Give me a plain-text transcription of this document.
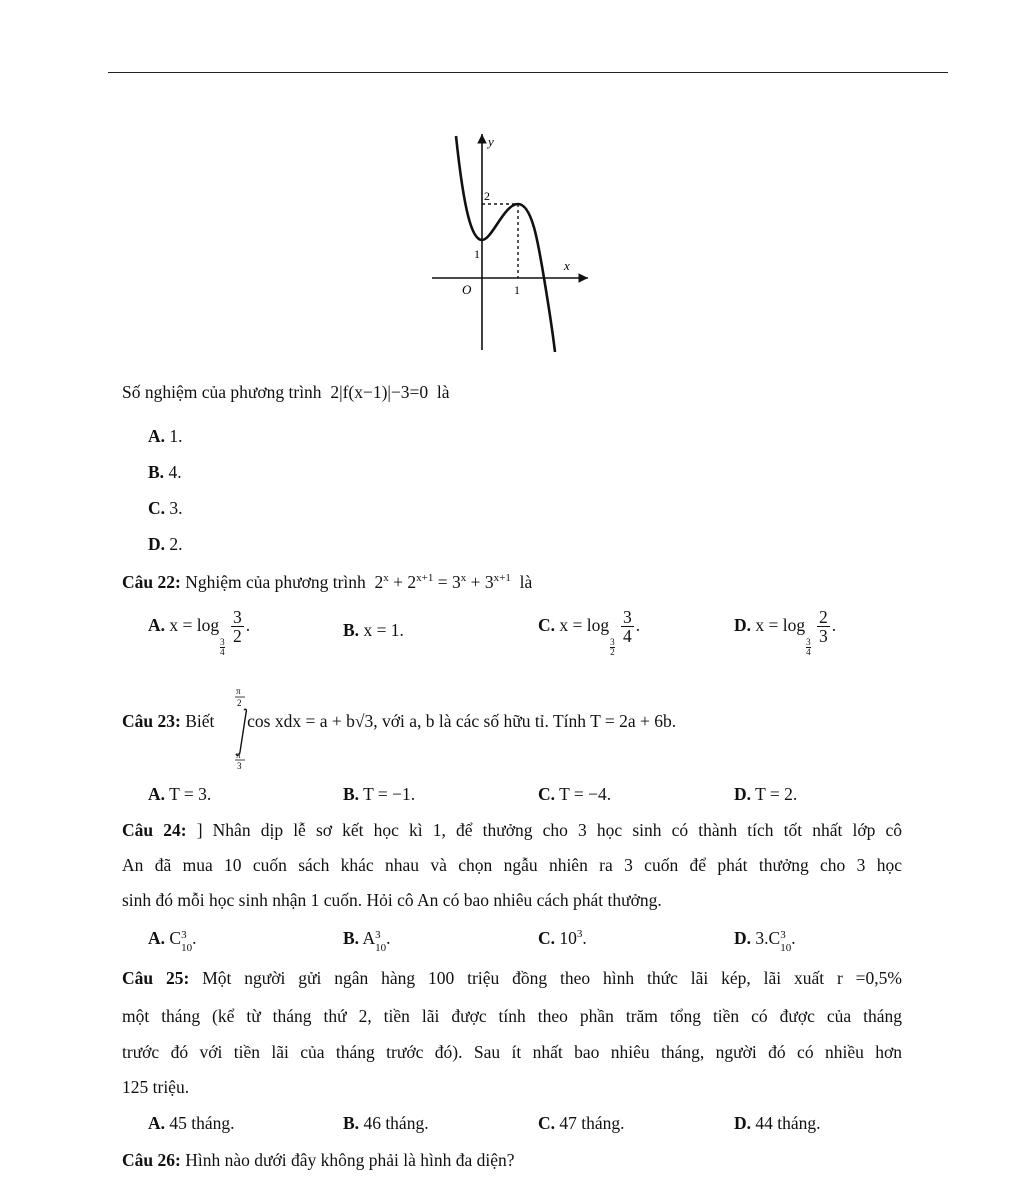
y
x
O	1
2
1
Số nghiệm của phương trình 2|f(x−1)|−3=0 là
A. 1.
B. 4.
C. 3.
D. 2.
Câu 22: Nghiệm của phương trình $2^x + 2^{x+1} = 3^x + 3^{x+1}$ là
A. x = log
$\frac{3}{4}$

$\frac{3}{2}$ .	B. x = 1.	C. x = log
$\frac{3}{2}$

$\frac{3}{4}$ .	D. x = log
$\frac{3}{4}$

$\frac{2}{3}$ .
Câu 23: Biết cos xdx = a + b√3, với a, b là các số hữu tỉ. Tính T = 2a + 6b.
π
2
π
3
A. T = 3.	B. T = −1.	C. T = −4.	D. T = 2.
Câu 24: ] Nhân dịp lễ sơ kết học kì 1, để thưởng cho 3 học sinh có thành tích tốt nhất lớp cô
An đã mua 10 cuốn sách khác nhau và chọn ngẫu nhiên ra 3 cuốn để phát thưởng cho 3 học
sinh đó mỗi học sinh nhận 1 cuốn. Hỏi cô An có bao nhiêu cách phát thưởng.
A. C $_{3 10}$.	B. A $_{3 10}$.	C. $10^3$.	D. 3.C $_{3 10}$.
Câu 25: Một người gửi ngân hàng 100 triệu đồng theo hình thức lãi kép, lãi xuất r =0,5%
một tháng (kể từ tháng thứ 2, tiền lãi được tính theo phần trăm tổng tiền có được của tháng
trước đó với tiền lãi của tháng trước đó). Sau ít nhất bao nhiêu tháng, người đó có nhiều hơn
125 triệu.
A. 45 tháng.	B. 46 tháng.	C. 47 tháng.	D. 44 tháng.
Câu 26: Hình nào dưới đây không phải là hình đa diện?
